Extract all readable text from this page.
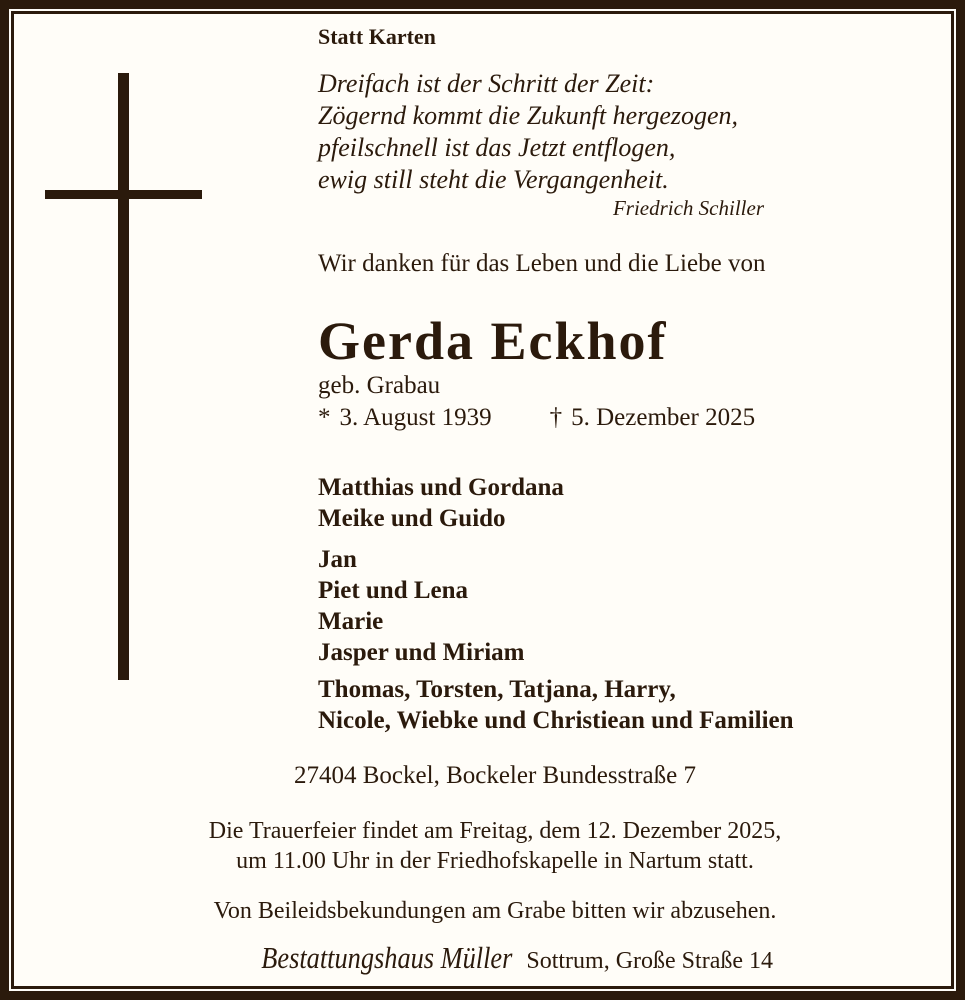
Statt Karten
Dreifach ist der Schritt der Zeit:
Zögernd kommt die Zukunft hergezogen,
pfeilschnell ist das Jetzt entflogen,
ewig still steht die Vergangenheit.
Friedrich Schiller
Wir danken für das Leben und die Liebe von
Gerda Eckhof
geb. Grabau
* 3. August 1939 † 5. Dezember 2025
Matthias und Gordana
Meike und Guido
Jan
Piet und Lena
Marie
Jasper und Miriam
Thomas, Torsten, Tatjana, Harry,
Nicole, Wiebke und Christiean und Familien
27404 Bockel, Bockeler Bundesstraße 7
Die Trauerfeier findet am Freitag, dem 12. Dezember 2025,
um 11.00 Uhr in der Friedhofskapelle in Nartum statt.
Von Beileidsbekundungen am Grabe bitten wir abzusehen.
Bestattungshaus Müller Sottrum, Große Straße 14
